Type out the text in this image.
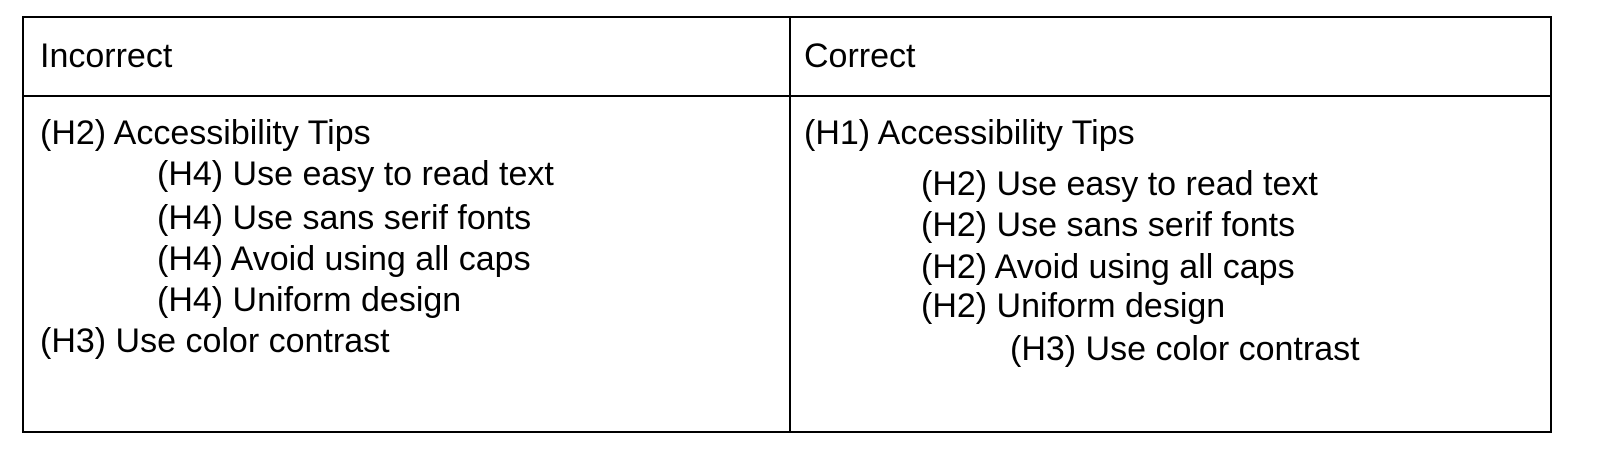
Incorrect	Correct
(H2) Accessibility Tips
(H4) Use easy to read text
(H4) Use sans serif fonts
(H4) Avoid using all caps
(H4) Uniform design
(H3) Use color contrast
(H1) Accessibility Tips
(H2) Use easy to read text
(H2) Use sans serif fonts
(H2) Avoid using all caps
(H2) Uniform design
(H3) Use color contrast
